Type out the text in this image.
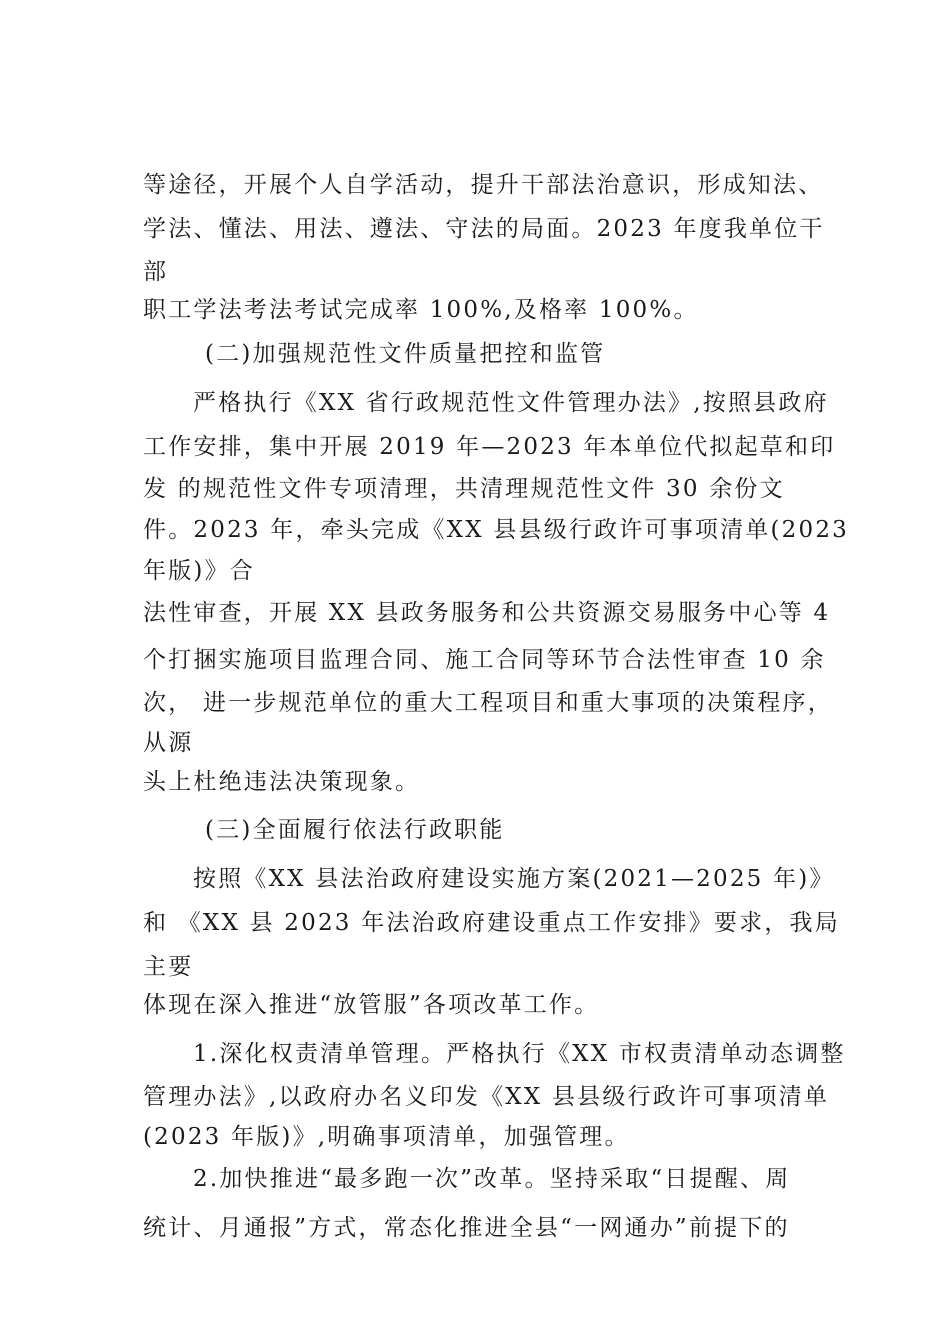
等途径，开展个人自学活动，提升干部法治意识，形成知法、
学法、懂法、用法、遵法、守法的局面。2023 年度我单位干
部
职工学法考法考试完成率 100%,及格率 100%。
(二)加强规范性文件质量把控和监管
严格执行《XX 省行政规范性文件管理办法》,按照县政府
工作安排，集中开展 2019 年—2023 年本单位代拟起草和印
发 的规范性文件专项清理，共清理规范性文件 30 余份文
件。2023 年，牵头完成《XX 县县级行政许可事项清单(2023
年版)》合
法性审查，开展 XX 县政务服务和公共资源交易服务中心等 4
个打捆实施项目监理合同、施工合同等环节合法性审查 10 余
次， 进一步规范单位的重大工程项目和重大事项的决策程序，
从源
头上杜绝违法决策现象。
(三)全面履行依法行政职能
按照《XX 县法治政府建设实施方案(2021—2025 年)》
和 《XX 县 2023 年法治政府建设重点工作安排》要求，我局
主要
体现在深入推进“放管服”各项改革工作。
1.深化权责清单管理。严格执行《XX 市权责清单动态调整
管理办法》,以政府办名义印发《XX 县县级行政许可事项清单
(2023 年版)》,明确事项清单，加强管理。
2.加快推进“最多跑一次”改革。坚持采取“日提醒、周
统计、月通报”方式，常态化推进全县“一网通办”前提下的
